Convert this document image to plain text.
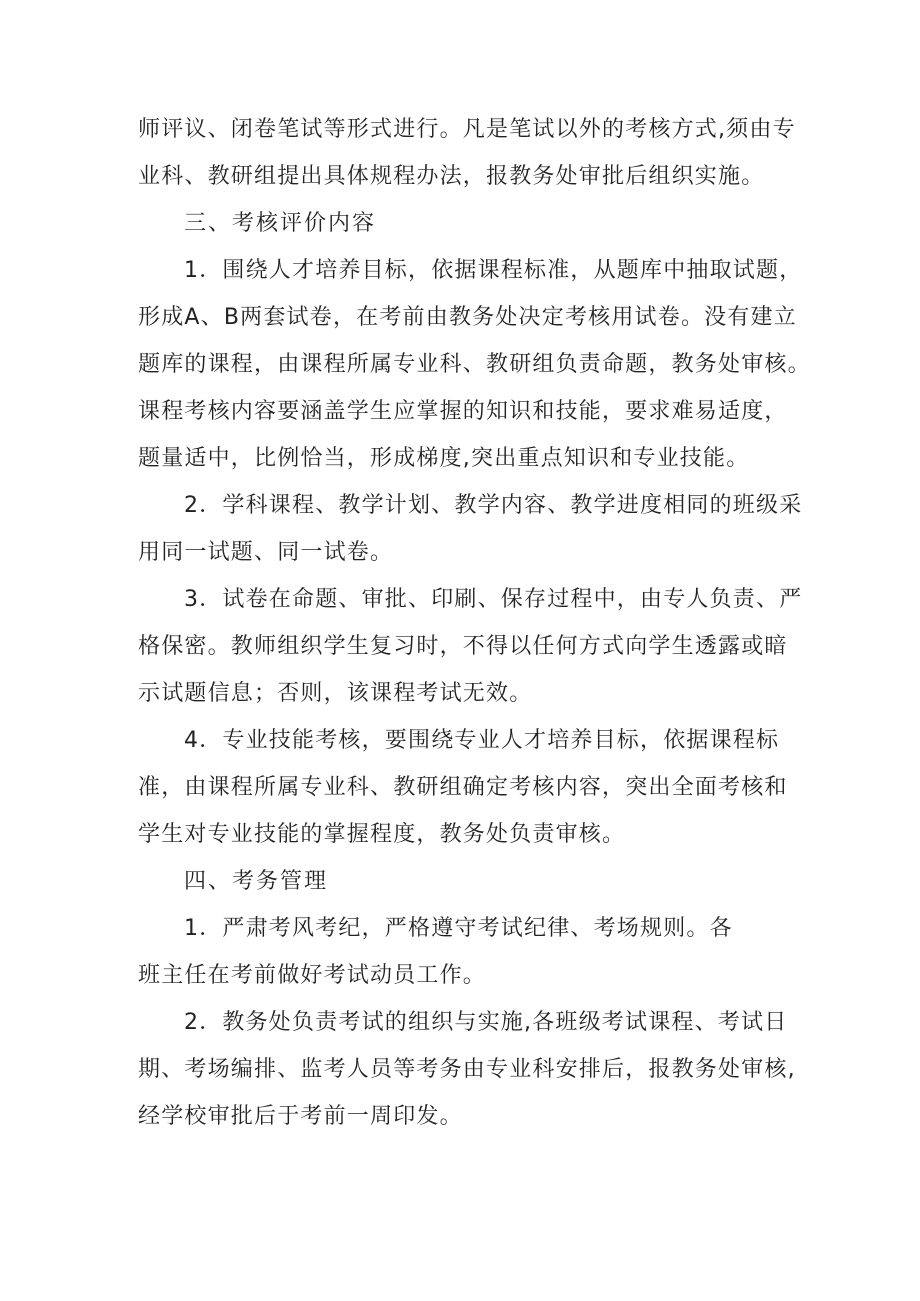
师评议、闭卷笔试等形式进行。凡是笔试以外的考核方式,须由专
业科、教研组提出具体规程办法，报教务处审批后组织实施。

三、考核评价内容

1．围绕人才培养目标，依据课程标准，从题库中抽取试题，
形成A、B两套试卷，在考前由教务处决定考核用试卷。没有建立
题库的课程，由课程所属专业科、教研组负责命题，教务处审核。
课程考核内容要涵盖学生应掌握的知识和技能，要求难易适度，
题量适中，比例恰当，形成梯度,突出重点知识和专业技能。

2．学科课程、教学计划、教学内容、教学进度相同的班级采
用同一试题、同一试卷。

3．试卷在命题、审批、印刷、保存过程中，由专人负责、严
格保密。教师组织学生复习时，不得以任何方式向学生透露或暗
示试题信息；否则，该课程考试无效。

4．专业技能考核，要围绕专业人才培养目标，依据课程标
准，由课程所属专业科、教研组确定考核内容，突出全面考核和
学生对专业技能的掌握程度，教务处负责审核。

四、考务管理

1．严肃考风考纪，严格遵守考试纪律、考场规则。各

班主任在考前做好考试动员工作。

2．教务处负责考试的组织与实施,各班级考试课程、考试日
期、考场编排、监考人员等考务由专业科安排后，报教务处审核,
经学校审批后于考前一周印发。
